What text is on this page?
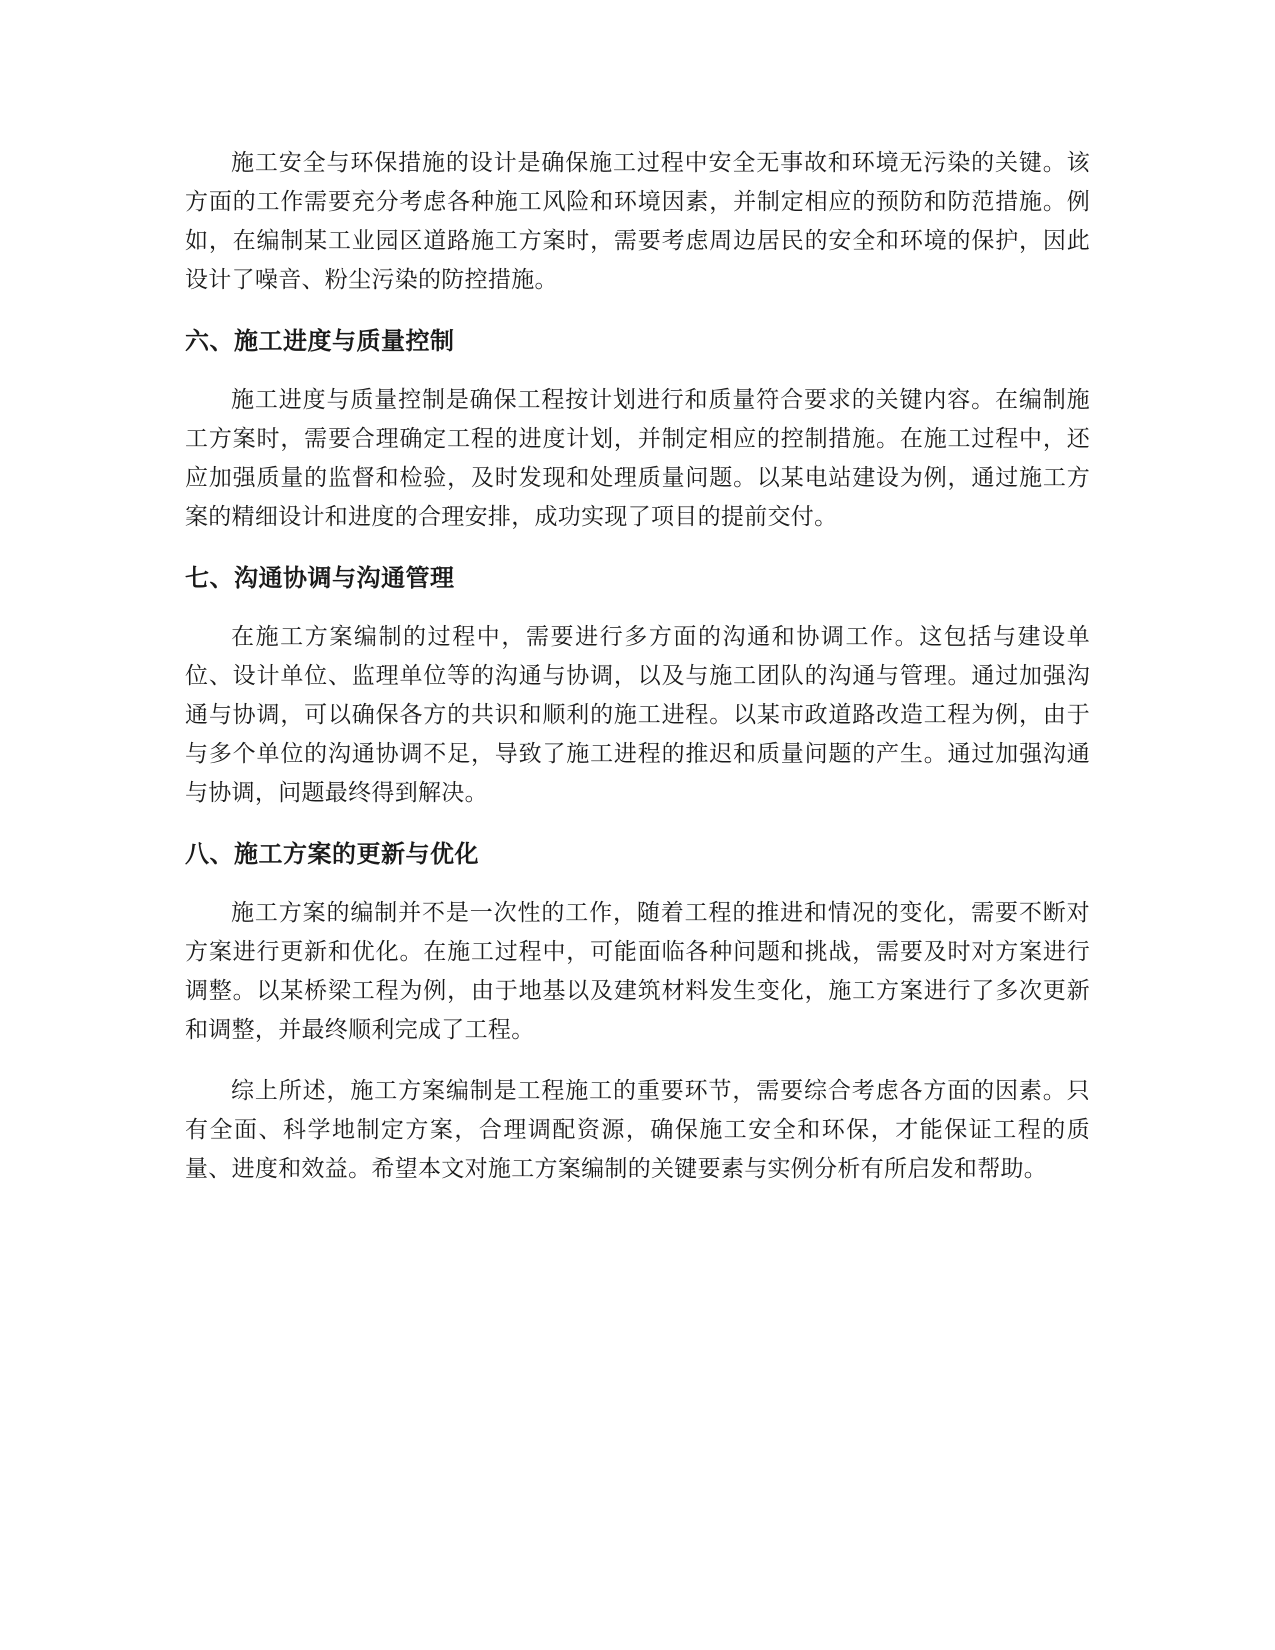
施工安全与环保措施的设计是确保施工过程中安全无事故和环境无污染的关键。该方面的工作需要充分考虑各种施工风险和环境因素，并制定相应的预防和防范措施。例如，在编制某工业园区道路施工方案时，需要考虑周边居民的安全和环境的保护，因此设计了噪音、粉尘污染的防控措施。

六、施工进度与质量控制

施工进度与质量控制是确保工程按计划进行和质量符合要求的关键内容。在编制施工方案时，需要合理确定工程的进度计划，并制定相应的控制措施。在施工过程中，还应加强质量的监督和检验，及时发现和处理质量问题。以某电站建设为例，通过施工方案的精细设计和进度的合理安排，成功实现了项目的提前交付。

七、沟通协调与沟通管理

在施工方案编制的过程中，需要进行多方面的沟通和协调工作。这包括与建设单位、设计单位、监理单位等的沟通与协调，以及与施工团队的沟通与管理。通过加强沟通与协调，可以确保各方的共识和顺利的施工进程。以某市政道路改造工程为例，由于与多个单位的沟通协调不足，导致了施工进程的推迟和质量问题的产生。通过加强沟通与协调，问题最终得到解决。

八、施工方案的更新与优化

施工方案的编制并不是一次性的工作，随着工程的推进和情况的变化，需要不断对方案进行更新和优化。在施工过程中，可能面临各种问题和挑战，需要及时对方案进行调整。以某桥梁工程为例，由于地基以及建筑材料发生变化，施工方案进行了多次更新和调整，并最终顺利完成了工程。

综上所述，施工方案编制是工程施工的重要环节，需要综合考虑各方面的因素。只有全面、科学地制定方案，合理调配资源，确保施工安全和环保，才能保证工程的质量、进度和效益。希望本文对施工方案编制的关键要素与实例分析有所启发和帮助。
